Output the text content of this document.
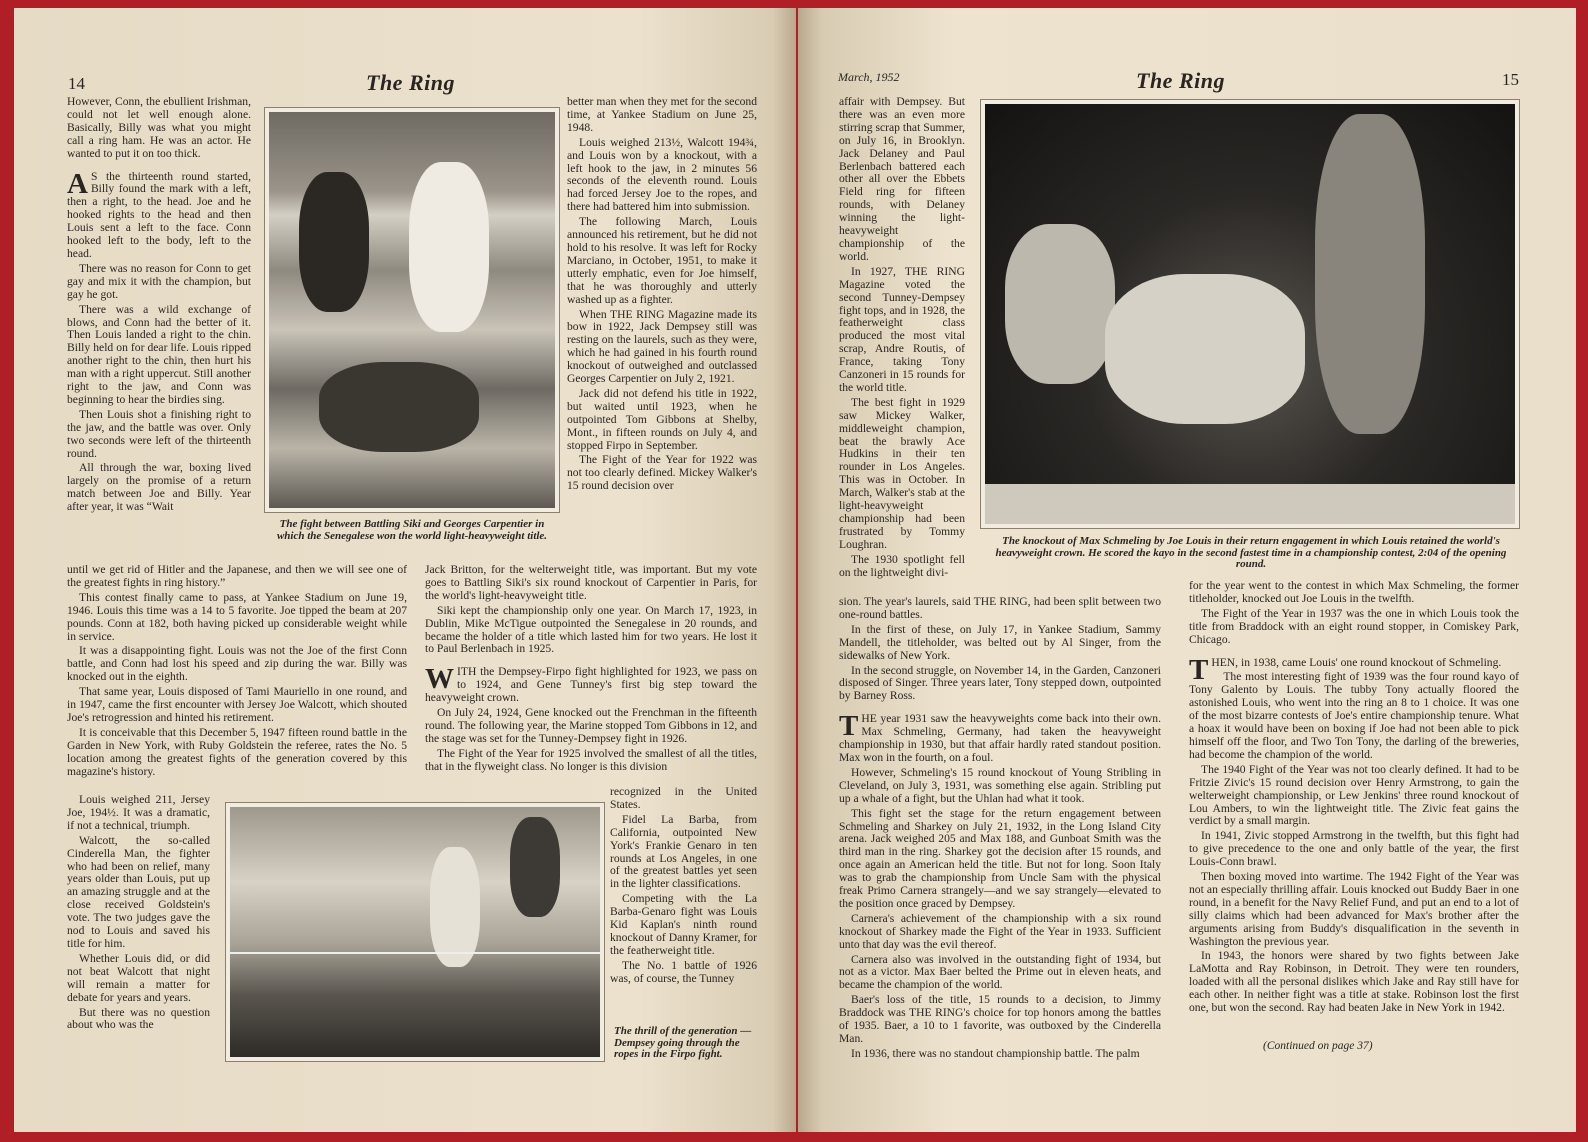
14	The Ring

However, Conn, the ebullient Irishman, could not let well enough alone. Basically, Billy was what you might call a ring ham. He was an actor. He wanted to put it on too thick.

A S the thirteenth round started, Billy found the mark with a left, then a right, to the head. Joe and he hooked rights to the head and then Louis sent a left to the face. Conn hooked left to the body, left to the head.

There was no reason for Conn to get gay and mix it with the champion, but gay he got.

There was a wild exchange of blows, and Conn had the better of it. Then Louis landed a right to the chin. Billy held on for dear life. Louis ripped another right to the chin, then hurt his man with a right uppercut. Still another right to the jaw, and Conn was beginning to hear the birdies sing.

Then Louis shot a finishing right to the jaw, and the battle was over. Only two seconds were left of the thirteenth round.

All through the war, boxing lived largely on the promise of a return match between Joe and Billy. Year after year, it was “Wait

The fight between Battling Siki and Georges Carpentier in which the Senegalese won the world light-heavyweight title.

better man when they met for the second time, at Yankee Stadium on June 25, 1948.

Louis weighed 213½, Walcott 194¾, and Louis won by a knockout, with a left hook to the jaw, in 2 minutes 56 seconds of the eleventh round. Louis had forced Jersey Joe to the ropes, and there had battered him into submission.

The following March, Louis announced his retirement, but he did not hold to his resolve. It was left for Rocky Marciano, in October, 1951, to make it utterly emphatic, even for Joe himself, that he was thoroughly and utterly washed up as a fighter.

When THE RING Magazine made its bow in 1922, Jack Dempsey still was resting on the laurels, such as they were, which he had gained in his fourth round knockout of outweighed and outclassed Georges Carpentier on July 2, 1921.

Jack did not defend his title in 1922, but waited until 1923, when he outpointed Tom Gibbons at Shelby, Mont., in fifteen rounds on July 4, and stopped Firpo in September.

The Fight of the Year for 1922 was not too clearly defined. Mickey Walker's 15 round decision over

until we get rid of Hitler and the Japanese, and then we will see one of the greatest fights in ring history.”

This contest finally came to pass, at Yankee Stadium on June 19, 1946. Louis this time was a 14 to 5 favorite. Joe tipped the beam at 207 pounds. Conn at 182, both having picked up considerable weight while in service.

It was a disappointing fight. Louis was not the Joe of the first Conn battle, and Conn had lost his speed and zip during the war. Billy was knocked out in the eighth.

That same year, Louis disposed of Tami Mauriello in one round, and in 1947, came the first encounter with Jersey Joe Walcott, which shouted Joe's retrogression and hinted his retirement.

It is conceivable that this December 5, 1947 fifteen round battle in the Garden in New York, with Ruby Goldstein the referee, rates the No. 5 location among the greatest fights of the generation covered by this magazine's history.

Jack Britton, for the welterweight title, was important. But my vote goes to Battling Siki's six round knockout of Carpentier in Paris, for the world's light-heavyweight title.

Siki kept the championship only one year. On March 17, 1923, in Dublin, Mike McTigue outpointed the Senegalese in 20 rounds, and became the holder of a title which lasted him for two years. He lost it to Paul Berlenbach in 1925.

WITH the Dempsey-Firpo fight highlighted for 1923, we pass on to 1924, and Gene Tunney's first big step toward the heavyweight crown.

On July 24, 1924, Gene knocked out the Frenchman in the fifteenth round. The following year, the Marine stopped Tom Gibbons in 12, and the stage was set for the Tunney-Dempsey fight in 1926.

The Fight of the Year for 1925 involved the smallest of all the titles, that in the flyweight class. No longer is this division

Louis weighed 211, Jersey Joe, 194½. It was a dramatic, if not a technical, triumph.

Walcott, the so-called Cinderella Man, the fighter who had been on relief, many years older than Louis, put up an amazing struggle and at the close received Goldstein's vote. The two judges gave the nod to Louis and saved his title for him.

Whether Louis did, or did not beat Walcott that night will remain a matter for debate for years and years.

But there was no question about who was the

recognized in the United States.

Fidel La Barba, from California, outpointed New York's Frankie Genaro in ten rounds at Los Angeles, in one of the greatest battles yet seen in the lighter classifications.

Competing with the La Barba-Genaro fight was Louis Kid Kaplan's ninth round knockout of Danny Kramer, for the featherweight title.

The No. 1 battle of 1926 was, of course, the Tunney

The thrill of the generation —Dempsey going through the ropes in the Firpo fight.
March, 1952	The Ring	15

affair with Dempsey. But there was an even more stirring scrap that Summer, on July 16, in Brooklyn. Jack Delaney and Paul Berlenbach battered each other all over the Ebbets Field ring for fifteen rounds, with Delaney winning the light-heavyweight championship of the world.

In 1927, THE RING Magazine voted the second Tunney-Dempsey fight tops, and in 1928, the featherweight class produced the most vital scrap, Andre Routis, of France, taking Tony Canzoneri in 15 rounds for the world title.

The best fight in 1929 saw Mickey Walker, middleweight champion, beat the brawly Ace Hudkins in their ten rounder in Los Angeles. This was in October. In March, Walker's stab at the light-heavyweight championship had been frustrated by Tommy Loughran.

The 1930 spotlight fell on the lightweight divi-

The knockout of Max Schmeling by Joe Louis in their return engagement in which Louis retained the world's heavyweight crown. He scored the kayo in the second fastest time in a championship contest, 2:04 of the opening round.

sion. The year's laurels, said THE RING, had been split between two one-round battles.

In the first of these, on July 17, in Yankee Stadium, Sammy Mandell, the titleholder, was belted out by Al Singer, from the sidewalks of New York.

In the second struggle, on November 14, in the Garden, Canzoneri disposed of Singer. Three years later, Tony stepped down, outpointed by Barney Ross.

THE year 1931 saw the heavyweights come back into their own. Max Schmeling, Germany, had taken the heavyweight championship in 1930, but that affair hardly rated standout position. Max won in the fourth, on a foul.

However, Schmeling's 15 round knockout of Young Stribling in Cleveland, on July 3, 1931, was something else again. Stribling put up a whale of a fight, but the Uhlan had what it took.

This fight set the stage for the return engagement between Schmeling and Sharkey on July 21, 1932, in the Long Island City arena. Jack weighed 205 and Max 188, and Gunboat Smith was the third man in the ring. Sharkey got the decision after 15 rounds, and once again an American held the title. But not for long. Soon Italy was to grab the championship from Uncle Sam with the physical freak Primo Carnera strangely—and we say strangely—elevated to the position once graced by Dempsey.

Carnera's achievement of the championship with a six round knockout of Sharkey made the Fight of the Year in 1933. Sufficient unto that day was the evil thereof.

Carnera also was involved in the outstanding fight of 1934, but not as a victor. Max Baer belted the Prime out in eleven heats, and became the champion of the world.

Baer's loss of the title, 15 rounds to a decision, to Jimmy Braddock was THE RING's choice for top honors among the battles of 1935. Baer, a 10 to 1 favorite, was outboxed by the Cinderella Man.

In 1936, there was no standout championship battle. The palm

for the year went to the contest in which Max Schmeling, the former titleholder, knocked out Joe Louis in the twelfth.

The Fight of the Year in 1937 was the one in which Louis took the title from Braddock with an eight round stopper, in Comiskey Park, Chicago.

THEN, in 1938, came Louis' one round knockout of Schmeling.

The most interesting fight of 1939 was the four round kayo of Tony Galento by Louis. The tubby Tony actually floored the astonished Louis, who went into the ring an 8 to 1 choice. It was one of the most bizarre contests of Joe's entire championship tenure. What a hoax it would have been on boxing if Joe had not been able to pick himself off the floor, and Two Ton Tony, the darling of the breweries, had become the champion of the world.

The 1940 Fight of the Year was not too clearly defined. It had to be Fritzie Zivic's 15 round decision over Henry Armstrong, to gain the welterweight championship, or Lew Jenkins' three round knockout of Lou Ambers, to win the lightweight title. The Zivic feat gains the verdict by a small margin.

In 1941, Zivic stopped Armstrong in the twelfth, but this fight had to give precedence to the one and only battle of the year, the first Louis-Conn brawl.

Then boxing moved into wartime. The 1942 Fight of the Year was not an especially thrilling affair. Louis knocked out Buddy Baer in one round, in a benefit for the Navy Relief Fund, and put an end to a lot of silly claims which had been advanced for Max's brother after the arguments arising from Buddy's disqualification in the seventh in Washington the previous year.

In 1943, the honors were shared by two fights between Jake LaMotta and Ray Robinson, in Detroit. They were ten rounders, loaded with all the personal dislikes which Jake and Ray still have for each other. In neither fight was a title at stake. Robinson lost the first one, but won the second. Ray had beaten Jake in New York in 1942.

(Continued on page 37)
